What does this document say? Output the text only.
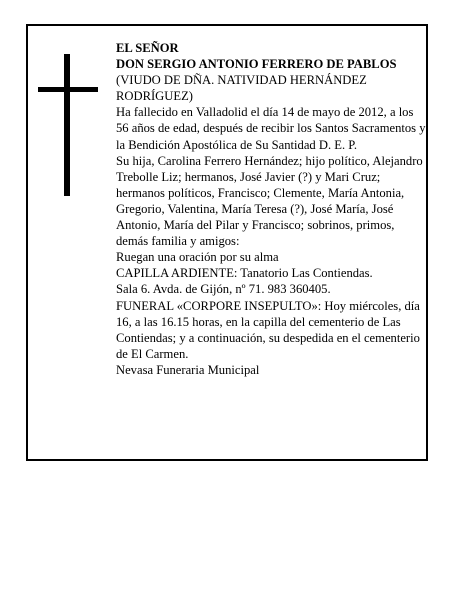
EL SEÑOR

DON SERGIO ANTONIO FERRERO DE PABLOS

(VIUDO DE DÑA. NATIVIDAD HERNÁNDEZ RODRÍGUEZ)

Ha fallecido en Valladolid el día 14 de mayo de 2012, a los 56 años de edad, después de recibir los Santos Sacramentos y la Bendición Apostólica de Su Santidad D. E. P.

Su hija, Carolina Ferrero Hernández; hijo político, Alejandro Trebolle Liz; hermanos, José Javier (?) y Mari Cruz; hermanos políticos, Francisco; Clemente, María Antonia, Gregorio, Valentina, María Teresa (?), José María, José Antonio, María del Pilar y Francisco; sobrinos, primos, demás familia y amigos:

Ruegan una oración por su alma

CAPILLA ARDIENTE: Tanatorio Las Contiendas.

Sala 6. Avda. de Gijón, nº 71. 983 360405.

FUNERAL «CORPORE INSEPULTO»: Hoy miércoles, día 16, a las 16.15 horas, en la capilla del cementerio de Las Contiendas; y a continuación, su despedida en el cementerio de El Carmen.

Nevasa Funeraria Municipal
